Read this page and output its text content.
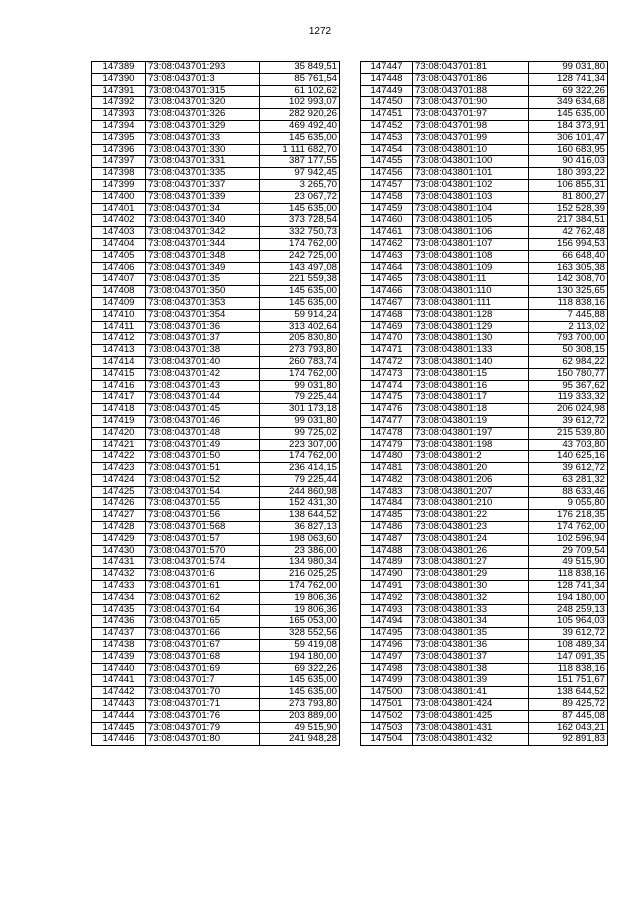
1272
147389	73:08:043701:293	35 849,51
147390	73:08:043701:3	85 761,54
147391	73:08:043701:315	61 102,62
147392	73:08:043701:320	102 993,07
147393	73:08:043701:326	282 920,26
147394	73:08:043701:329	469 492,40
147395	73:08:043701:33	145 635,00
147396	73:08:043701:330	1 111 682,70
147397	73:08:043701:331	387 177,55
147398	73:08:043701:335	97 942,45
147399	73:08:043701:337	3 265,70
147400	73:08:043701:339	23 067,72
147401	73:08:043701:34	145 635,00
147402	73:08:043701:340	373 728,54
147403	73:08:043701:342	332 750,73
147404	73:08:043701:344	174 762,00
147405	73:08:043701:348	242 725,00
147406	73:08:043701:349	143 497,08
147407	73:08:043701:35	221 559,38
147408	73:08:043701:350	145 635,00
147409	73:08:043701:353	145 635,00
147410	73:08:043701:354	59 914,24
147411	73:08:043701:36	313 402,64
147412	73:08:043701:37	205 830,80
147413	73:08:043701:38	273 793,80
147414	73:08:043701:40	260 783,74
147415	73:08:043701:42	174 762,00
147416	73:08:043701:43	99 031,80
147417	73:08:043701:44	79 225,44
147418	73:08:043701:45	301 173,18
147419	73:08:043701:46	99 031,80
147420	73:08:043701:48	99 725,02
147421	73:08:043701:49	223 307,00
147422	73:08:043701:50	174 762,00
147423	73:08:043701:51	236 414,15
147424	73:08:043701:52	79 225,44
147425	73:08:043701:54	244 860,98
147426	73:08:043701:55	152 431,30
147427	73:08:043701:56	138 644,52
147428	73:08:043701:568	36 827,13
147429	73:08:043701:57	198 063,60
147430	73:08:043701:570	23 386,00
147431	73:08:043701:574	134 980,34
147432	73:08:043701:6	216 025,25
147433	73:08:043701:61	174 762,00
147434	73:08:043701:62	19 806,36
147435	73:08:043701:64	19 806,36
147436	73:08:043701:65	165 053,00
147437	73:08:043701:66	328 552,56
147438	73:08:043701:67	59 419,08
147439	73:08:043701:68	194 180,00
147440	73:08:043701:69	69 322,26
147441	73:08:043701:7	145 635,00
147442	73:08:043701:70	145 635,00
147443	73:08:043701:71	273 793,80
147444	73:08:043701:76	203 889,00
147445	73:08:043701:79	49 515,90
147446	73:08:043701:80	241 948,28
147447	73:08:043701:81	99 031,80
147448	73:08:043701:86	128 741,34
147449	73:08:043701:88	69 322,26
147450	73:08:043701:90	349 634,68
147451	73:08:043701:97	145 635,00
147452	73:08:043701:98	184 373,91
147453	73:08:043701:99	306 101,47
147454	73:08:043801:10	160 683,95
147455	73:08:043801:100	90 416,03
147456	73:08:043801:101	180 393,22
147457	73:08:043801:102	106 855,31
147458	73:08:043801:103	81 800,27
147459	73:08:043801:104	152 528,39
147460	73:08:043801:105	217 384,51
147461	73:08:043801:106	42 762,48
147462	73:08:043801:107	156 994,53
147463	73:08:043801:108	66 648,40
147464	73:08:043801:109	163 305,38
147465	73:08:043801:11	142 308,70
147466	73:08:043801:110	130 325,65
147467	73:08:043801:111	118 838,16
147468	73:08:043801:128	7 445,88
147469	73:08:043801:129	2 113,02
147470	73:08:043801:130	793 700,00
147471	73:08:043801:133	50 308,15
147472	73:08:043801:140	62 984,22
147473	73:08:043801:15	150 780,77
147474	73:08:043801:16	95 367,62
147475	73:08:043801:17	119 333,32
147476	73:08:043801:18	206 024,98
147477	73:08:043801:19	39 612,72
147478	73:08:043801:197	215 539,80
147479	73:08:043801:198	43 703,80
147480	73:08:043801:2	140 625,16
147481	73:08:043801:20	39 612,72
147482	73:08:043801:206	63 281,32
147483	73:08:043801:207	88 633,46
147484	73:08:043801:210	9 055,80
147485	73:08:043801:22	176 218,35
147486	73:08:043801:23	174 762,00
147487	73:08:043801:24	102 596,94
147488	73:08:043801:26	29 709,54
147489	73:08:043801:27	49 515,90
147490	73:08:043801:29	118 838,16
147491	73:08:043801:30	128 741,34
147492	73:08:043801:32	194 180,00
147493	73:08:043801:33	248 259,13
147494	73:08:043801:34	105 964,03
147495	73:08:043801:35	39 612,72
147496	73:08:043801:36	108 489,34
147497	73:08:043801:37	147 091,35
147498	73:08:043801:38	118 838,16
147499	73:08:043801:39	151 751,67
147500	73:08:043801:41	138 644,52
147501	73:08:043801:424	89 425,72
147502	73:08:043801:425	87 445,08
147503	73:08:043801:431	162 043,21
147504	73:08:043801:432	92 891,83
